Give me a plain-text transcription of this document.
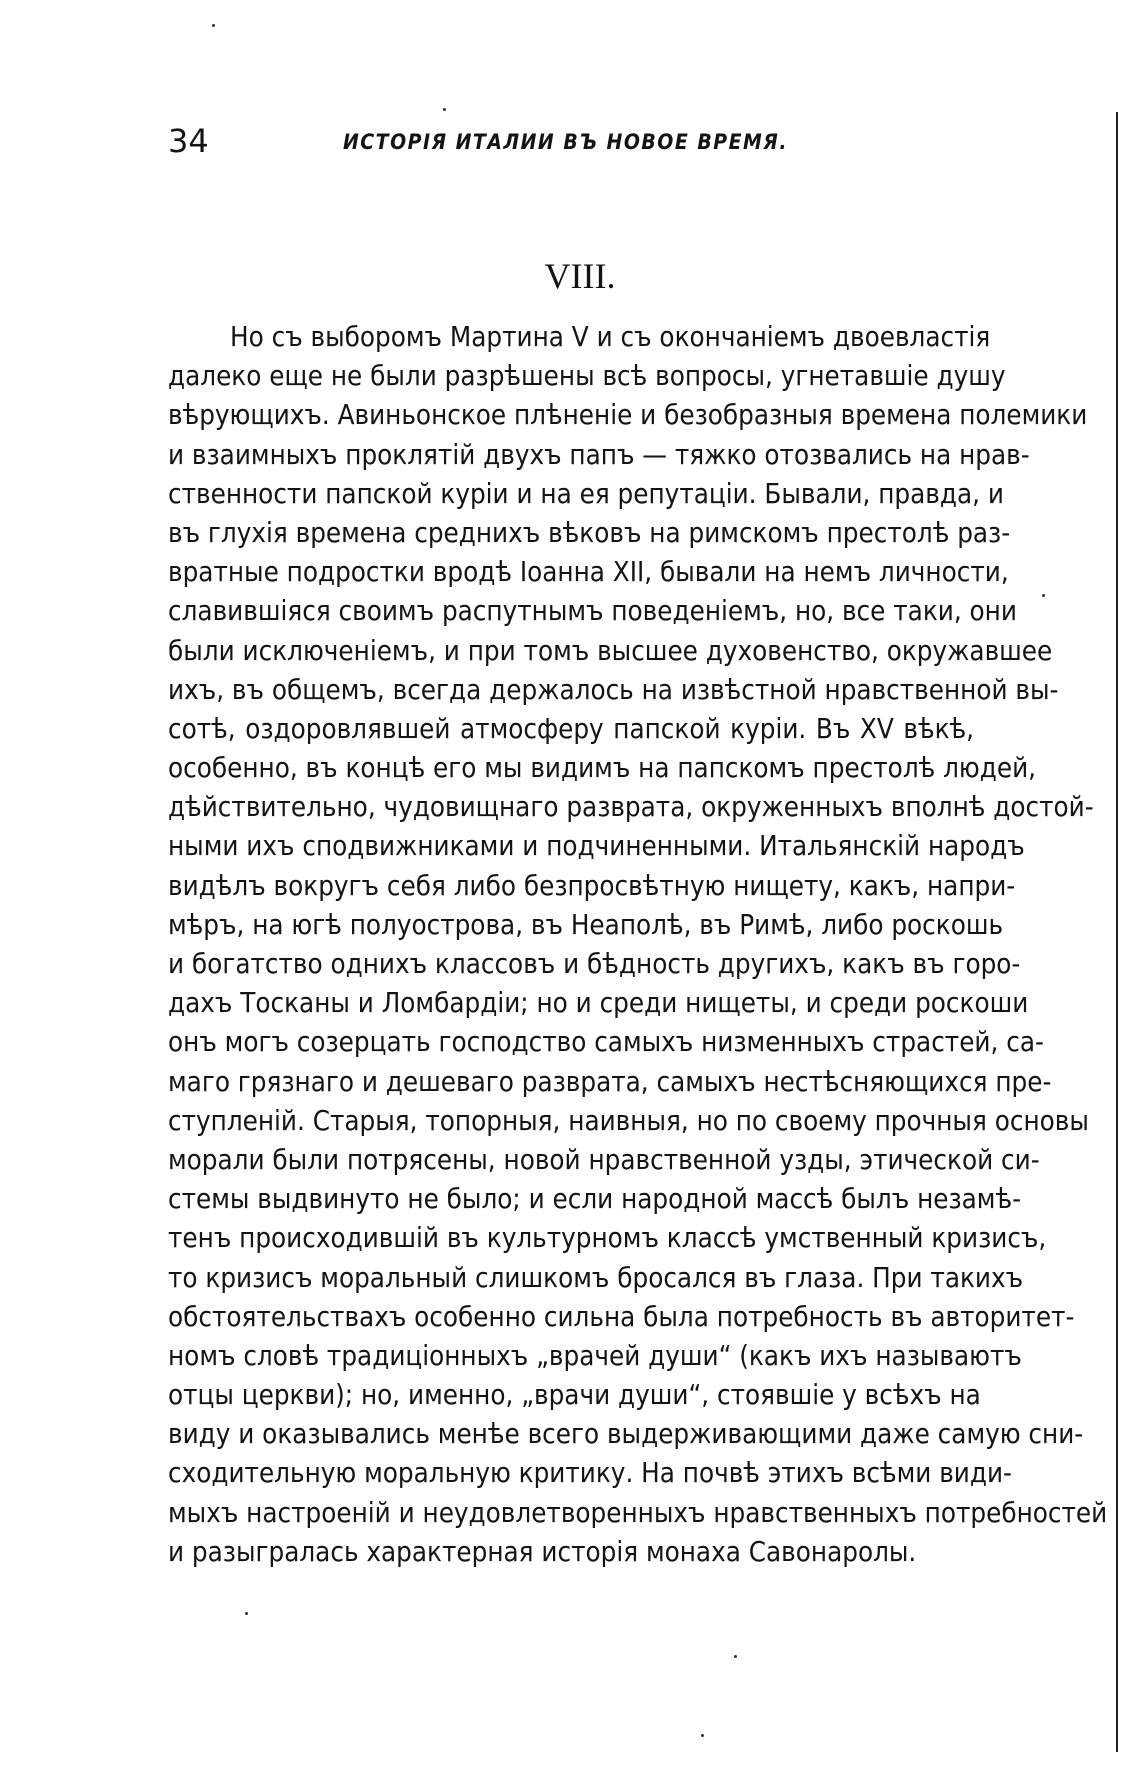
34	ИСТОРІЯ ИТАЛИИ ВЪ НОВОЕ ВРЕМЯ.
VIII.
Но съ выборомъ Мартина V и съ окончаніемъ двоевластія
далеко еще не были разрѣшены всѣ вопросы, угнетавшіе душу
вѣрующихъ. Авиньонское плѣненіе и безобразныя времена полемики
и взаимныхъ проклятій двухъ папъ — тяжко отозвались на нрав-
ственности папской куріи и на ея репутаціи. Бывали, правда, и
въ глухія времена среднихъ вѣковъ на римскомъ престолѣ раз-
вратные подростки вродѣ Іоанна XII, бывали на немъ личности,
славившіяся своимъ распутнымъ поведеніемъ, но, все таки, они
были исключеніемъ, и при томъ высшее духовенство, окружавшее
ихъ, въ общемъ, всегда держалось на извѣстной нравственной вы-
сотѣ, оздоровлявшей атмосферу папской куріи. Въ XV вѣкѣ,
особенно, въ концѣ его мы видимъ на папскомъ престолѣ людей,
дѣйствительно, чудовищнаго разврата, окруженныхъ вполнѣ достой-
ными ихъ сподвижниками и подчиненными. Итальянскій народъ
видѣлъ вокругъ себя либо безпросвѣтную нищету, какъ, напри-
мѣръ, на югѣ полуострова, въ Неаполѣ, въ Римѣ, либо роскошь
и богатство однихъ классовъ и бѣдность другихъ, какъ въ горо-
дахъ Тосканы и Ломбардіи; но и среди нищеты, и среди роскоши
онъ могъ созерцать господство самыхъ низменныхъ страстей, са-
маго грязнаго и дешеваго разврата, самыхъ нестѣсняющихся пре-
ступленій. Старыя, топорныя, наивныя, но по своему прочныя основы
морали были потрясены, новой нравственной узды, этической си-
стемы выдвинуто не было; и если народной массѣ былъ незамѣ-
тенъ происходившій въ культурномъ классѣ умственный кризисъ,
то кризисъ моральный слишкомъ бросался въ глаза. При такихъ
обстоятельствахъ особенно сильна была потребность въ авторитет-
номъ словѣ традиціонныхъ „врачей души“ (какъ ихъ называютъ
отцы церкви); но, именно, „врачи души“, стоявшіе у всѣхъ на
виду и оказывались менѣе всего выдерживающими даже самую сни-
сходительную моральную критику. На почвѣ этихъ всѣми види-
мыхъ настроеній и неудовлетворенныхъ нравственныхъ потребностей
и разыгралась характерная исторія монаха Савонаролы.
